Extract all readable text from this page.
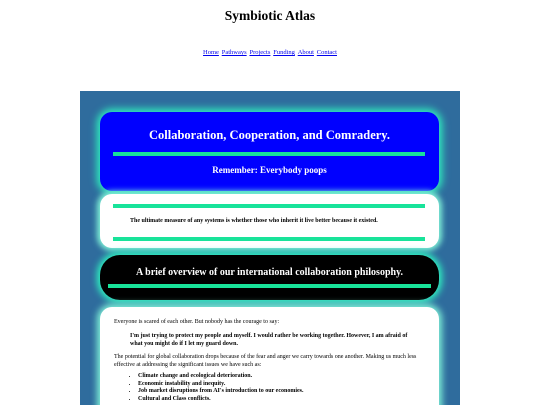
Symbiotic Atlas
Home Pathways Projects Funding About Contact
Collaboration, Cooperation, and Comradery.
Remember: Everybody poops
The ultimate measure of any systems is whether those who inherit it live better because it existed.
A brief overview of our international collaboration philosophy.
Everyone is scared of each other. But nobody has the courage to say:
I'm just trying to protect my people and myself. I would rather be working together. However, I am afraid of what you might do if I let my guard down.
The potential for global collaboration drops because of the fear and anger we carry towards one another. Making us much less effective at addressing the significant issues we have such as:
• Climate change and ecological deterioration.
• Economic instability and inequity.
• Job market disruptions from AI's introduction to our economies.
• Cultural and Class conflicts.
